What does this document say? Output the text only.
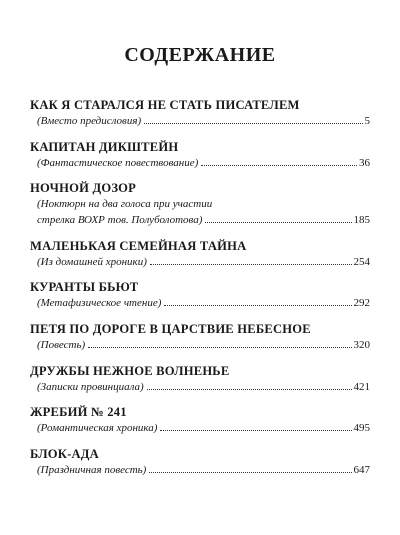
СОДЕРЖАНИЕ
КАК Я СТАРАЛСЯ НЕ СТАТЬ ПИСАТЕЛЕМ
(Вместо предисловия)	5
КАПИТАН ДИКШТЕЙН
(Фантастическое повествование)	36
НОЧНОЙ ДОЗОР
(Ноктюрн на два голоса при участии
стрелка ВОХР тов. Полуболотова)	185
МАЛЕНЬКАЯ СЕМЕЙНАЯ ТАЙНА
(Из домашней хроники)	254
КУРАНТЫ БЬЮТ
(Метафизическое чтение)	292
ПЕТЯ ПО ДОРОГЕ В ЦАРСТВИЕ НЕБЕСНОЕ
(Повесть)	320
ДРУЖБЫ НЕЖНОЕ ВОЛНЕНЬЕ
(Записки провинциала)	421
ЖРЕБИЙ № 241
(Романтическая хроника)	495
БЛОК-АДА
(Праздничная повесть)	647
